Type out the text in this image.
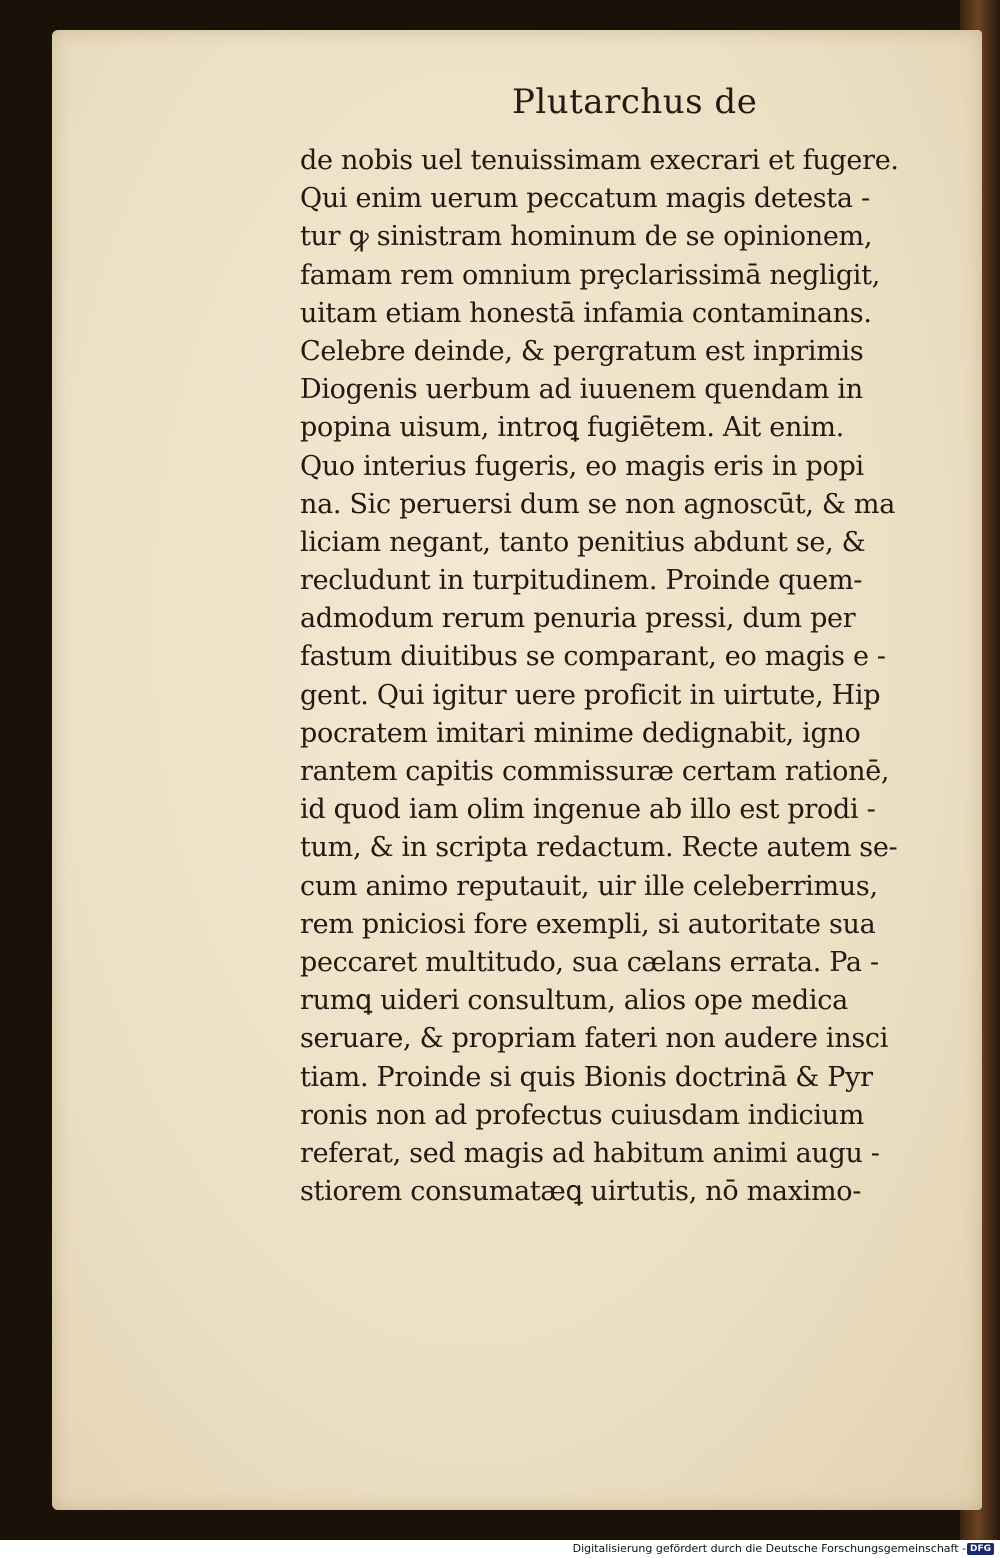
Plutarchus de
de nobis uel tenuissimam execrari et fugere.
Qui enim uerum peccatum magis detesta -
tur ꝙ sinistram hominum de se opinionem,
famam rem omnium prȩclarissimā negligit,
uitam etiam honestā infamia contaminans.
Celebre deinde, & pergratum est inprimis
Diogenis uerbum ad iuuenem quendam in
popina uisum, introꝗ fugiētem. Ait enim.
Quo interius fugeris, eo magis eris in popi
na. Sic peruersi dum se non agnoscūt, & ma
liciam negant, tanto penitius abdunt se, &
recludunt in turpitudinem. Proinde quem-
admodum rerum penuria pressi, dum per
fastum diuitibus se comparant, eo magis e -
gent. Qui igitur uere proficit in uirtute, Hip
pocratem imitari minime dedignabit, igno
rantem capitis commissuræ certam rationē,
id quod iam olim ingenue ab illo est prodi -
tum, & in scripta redactum. Recte autem se-
cum animo reputauit, uir ille celeberrimus,
rem pniciosi fore exempli, si autoritate sua
peccaret multitudo, sua cælans errata. Pa -
rumꝗ uideri consultum, alios ope medica
seruare, & propriam fateri non audere insci
tiam. Proinde si quis Bionis doctrinā & Pyr
ronis non ad profectus cuiusdam indicium
referat, sed magis ad habitum animi augu -
stiorem consumatæꝗ uirtutis, nō maximo-
Digitalisierung gefördert durch die Deutsche Forschungsgemeinschaft - DFG
